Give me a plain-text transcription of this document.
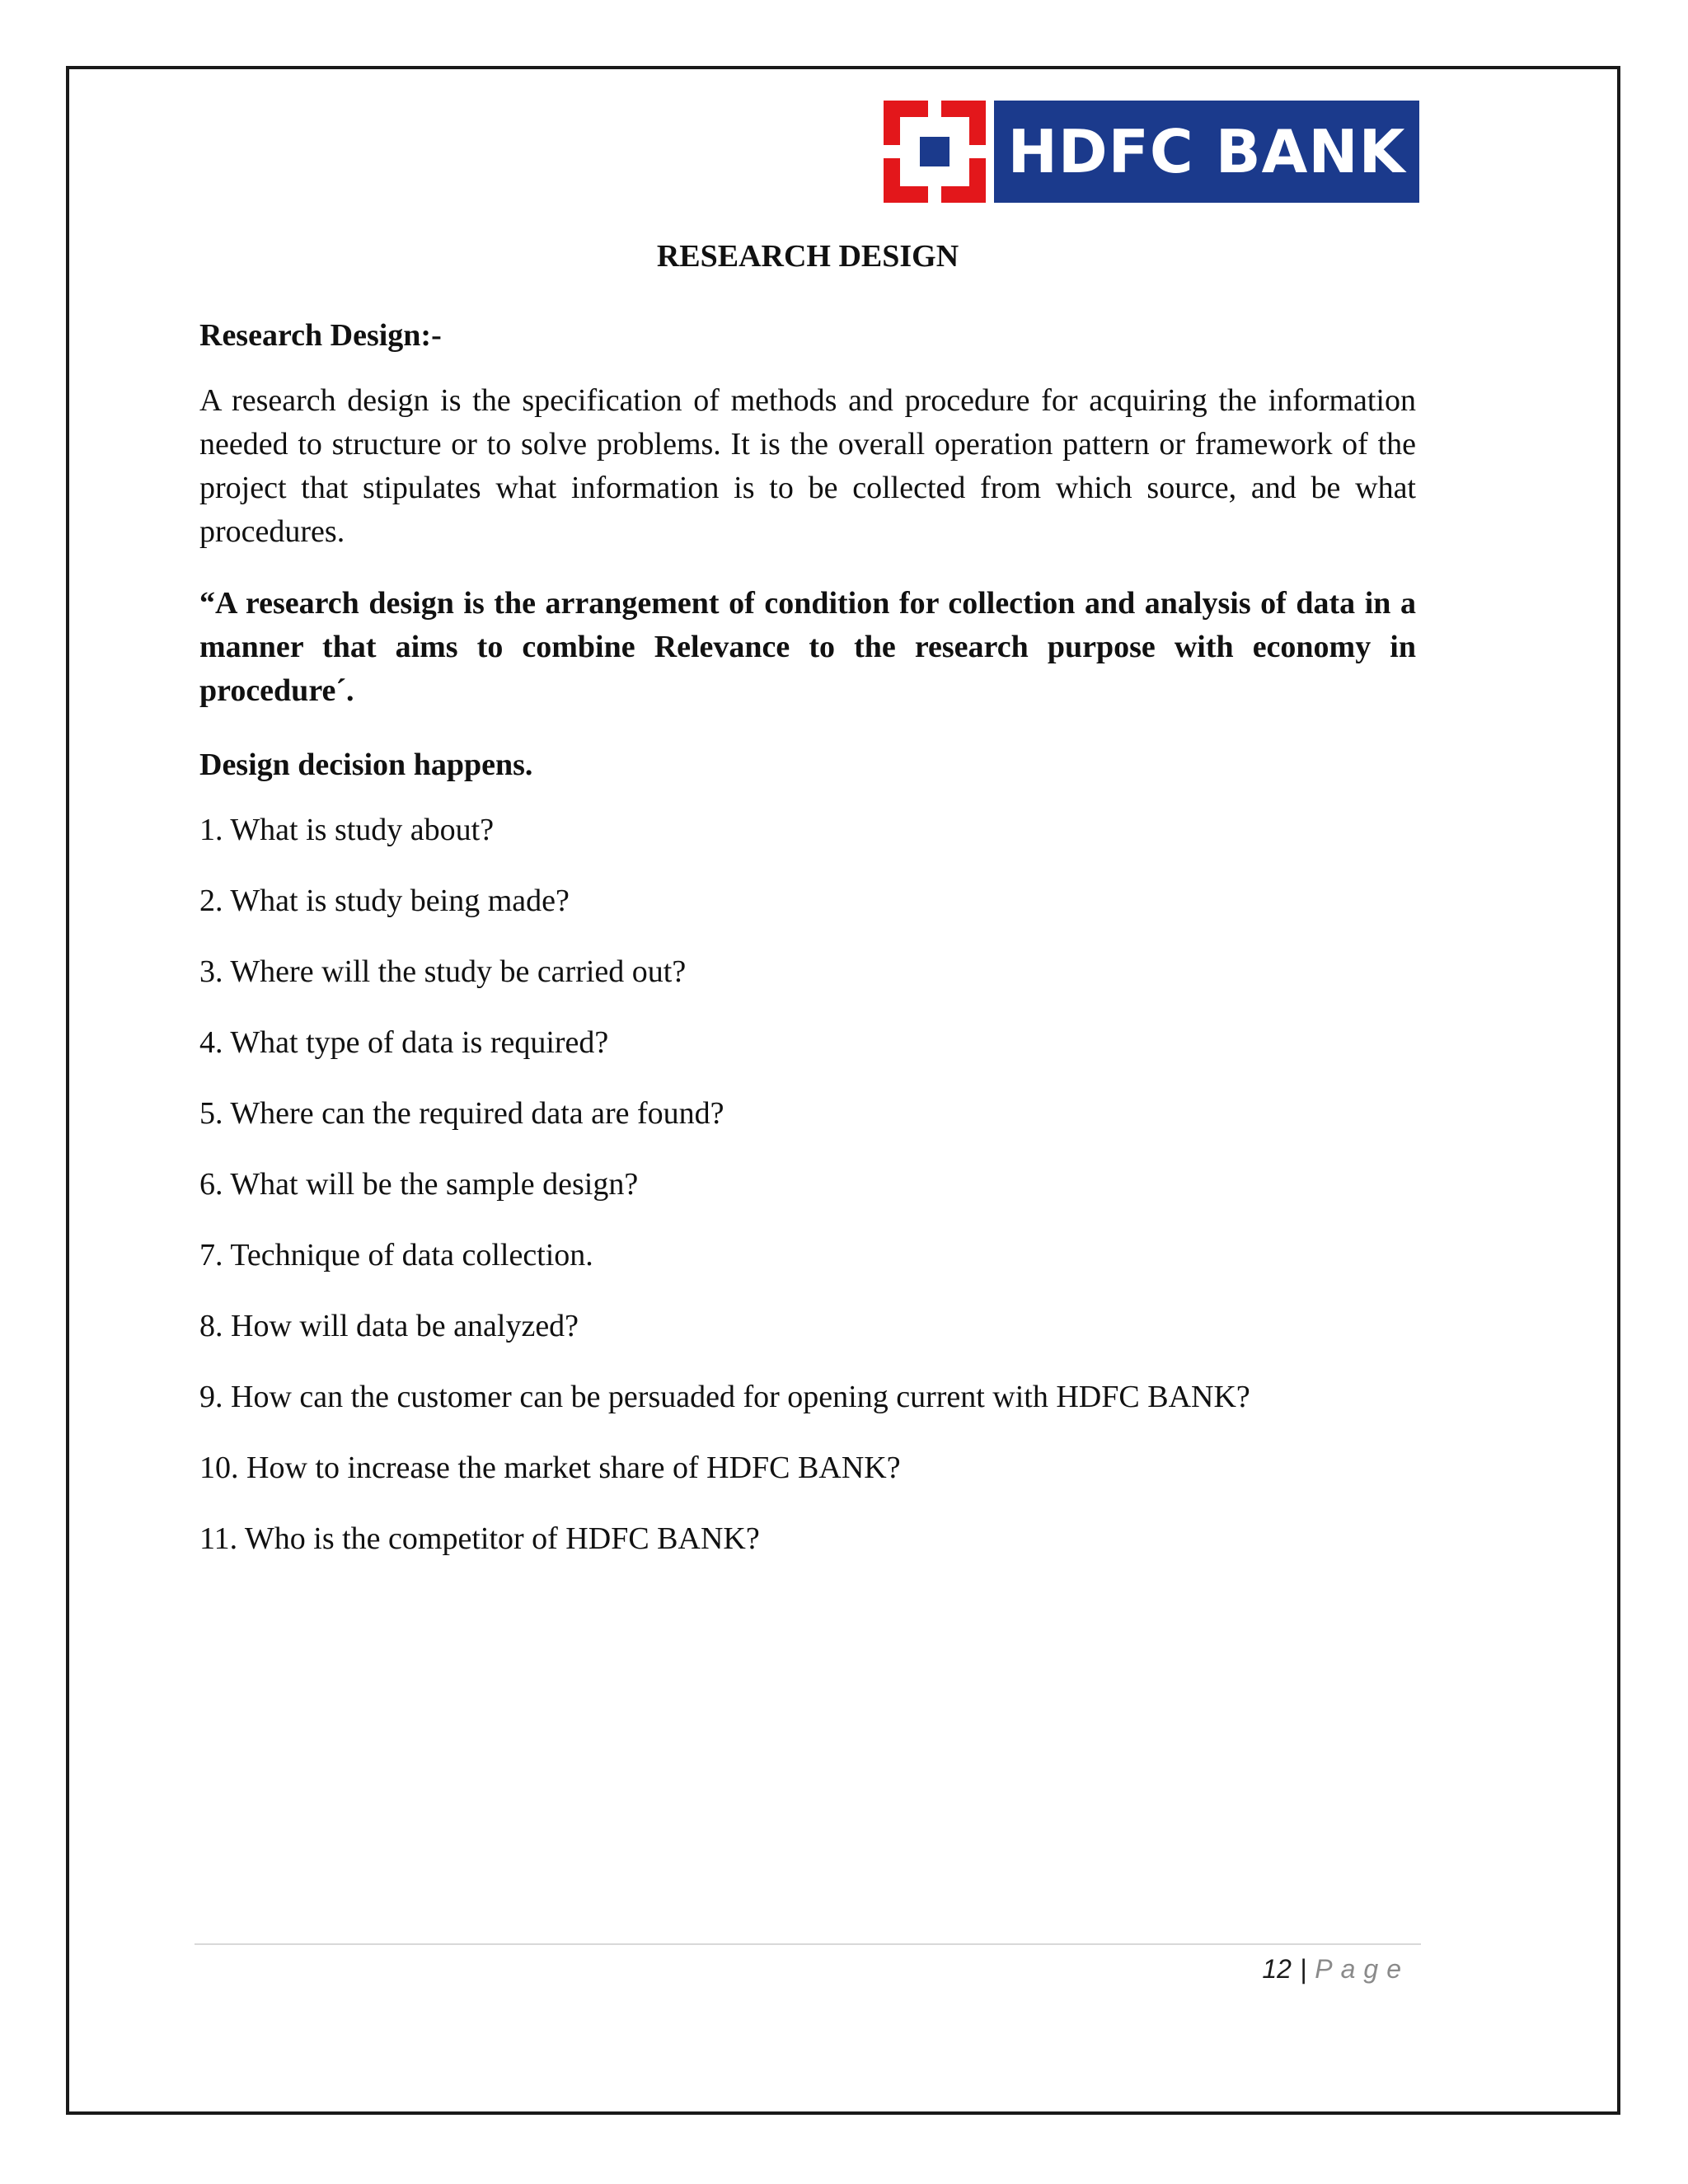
HDFC BANK
RESEARCH DESIGN
Research Design:-

A research design is the specification of methods and procedure for acquiring the information needed to structure or to solve problems. It is the overall operation pattern or framework of the project that stipulates what information is to be collected from which source, and be what procedures.

“A research design is the arrangement of condition for collection and analysis of data in a manner that aims to combine Relevance to the research purpose with economy in procedure´.

Design decision happens.
1. What is study about?
2. What is study being made?
3. Where will the study be carried out?
4. What type of data is required?
5. Where can the required data are found?
6. What will be the sample design?
7. Technique of data collection.
8. How will data be analyzed?
9. How can the customer can be persuaded for opening current with HDFC BANK?
10. How to increase the market share of HDFC BANK?
11. Who is the competitor of HDFC BANK?
12 | Page
